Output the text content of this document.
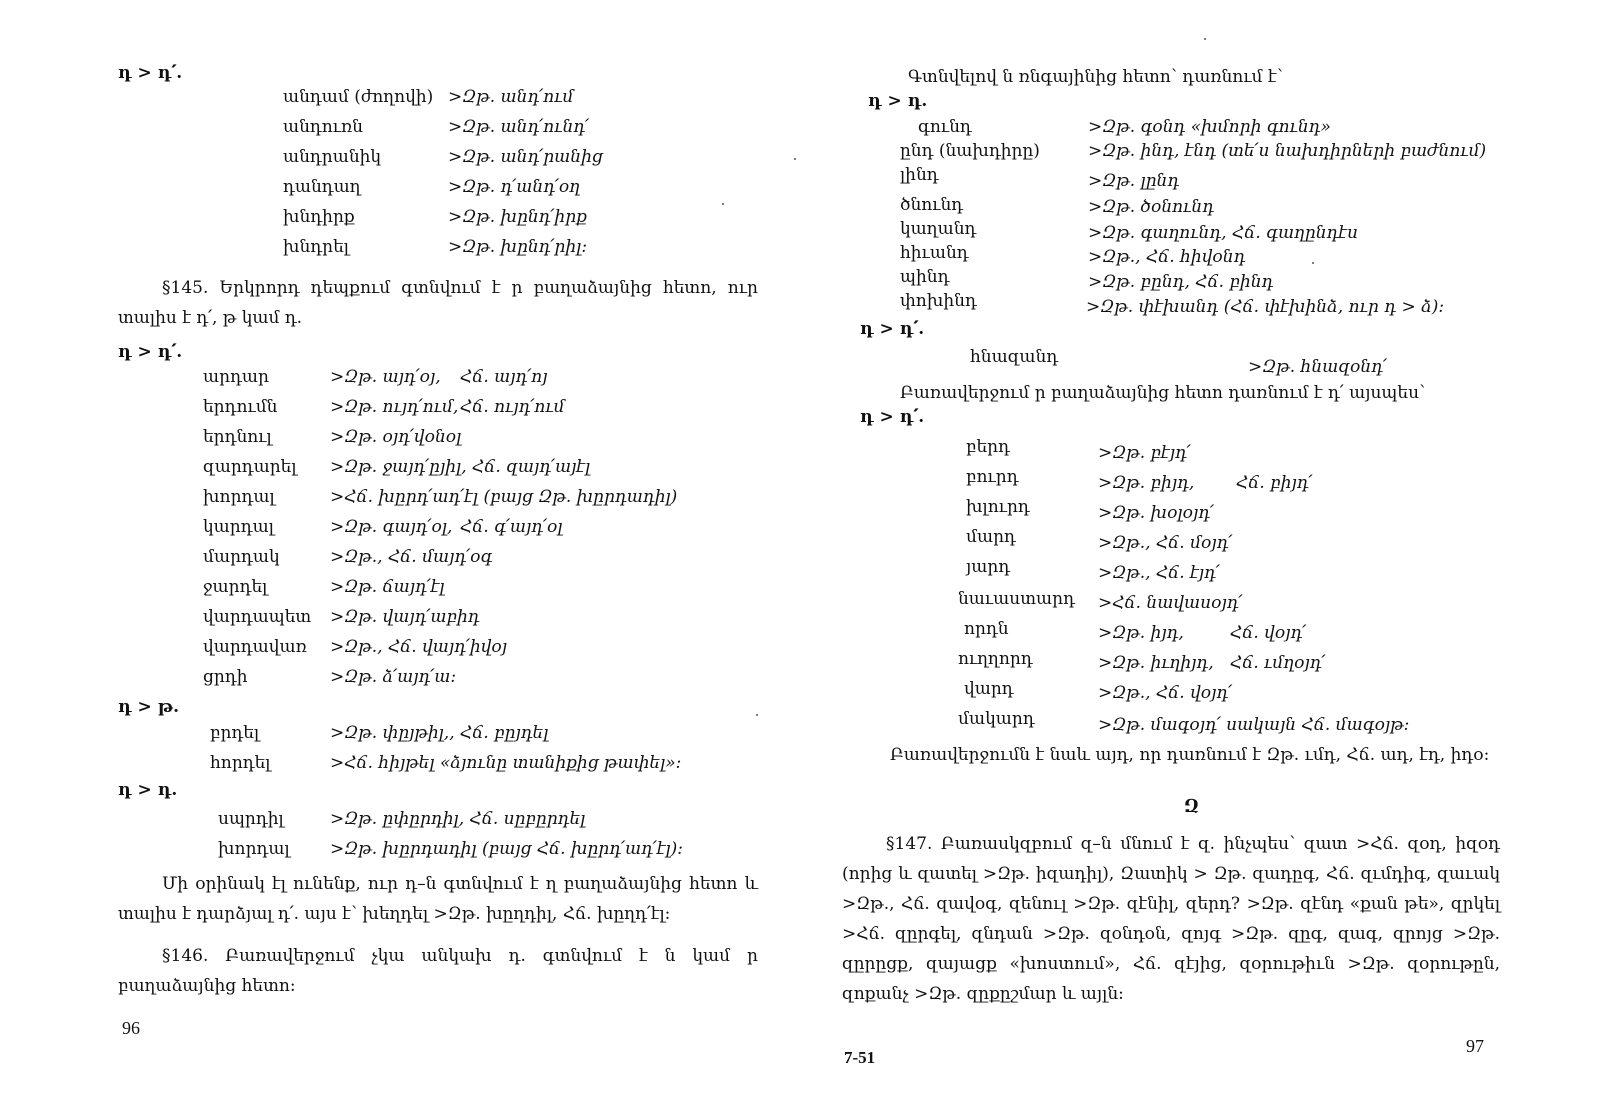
դ > դ՛.
անդամ (ժողովի) >Զթ. անդ՛ում
անդուռն	>Զթ. անդ՛ունդ՛
անդրանիկ	>Զթ. անդ՛րանից
դանդաղ	>Զթ. դ՛անդ՛օղ
խնդիրք	>Զթ. խընդ՛իրք
խնդրել	>Զթ. խընդ՛րիլ:
§145. Երկրորդ դեպքում գտնվում է ր բաղաձայնից հետո, ուր տալիս է դ՛, թ կամ դ.
դ > դ՛.
արդար	>Զթ. այդ՛օյ, Հճ. այդ՛ոյ
երդումն	>Զթ. ույդ՛ում, Հճ. ույդ՛ում
երդնուլ	>Զթ. օյդ՛վօնօլ
զարդարել >Զթ. ջայդ՛ըյիլ, Հճ. զայդ՛այէլ
խորդալ	>Հճ. խըրդ՛ադ՛էլ (բայց Զթ. խըրդադիլ)
կարդալ	>Զթ. գայդ՛օլ, Հճ. գ՛այդ՛օլ
մարդակ	>Զթ., Հճ. մայդ՛օգ
ջարդել	>Զթ. ճայդ՛էլ
վարդապետ >Զթ. վայդ՛աբիդ
վարդավառ >Զթ., Հճ. վայդ՛իվօյ
ցրդի	>Զթ. ձ՛այդ՛ա:
դ > թ.
բրդել	>Զթ. փըյթիլ,, Հճ. բըյդել
հորդել	>Հճ. հիյթել «ձյունը տանիքից թափել»:
դ > դ.
սպրդիլ	>Զթ. ըփըրդիլ, Հճ. սըբըրդել
խորդալ >Զթ. խըրդադիլ (բայց Հճ. խըրդ՛ադ՛էլ):
Մի օրինակ էլ ունենք, ուր դ–ն գտնվում է ղ բաղաձայնից հետո և տալիս է դարձյալ դ՛. այս է՝ խեղդել >Զթ. խըղդիլ, Հճ. խըղդ՛էլ:
§146. Բառավերջում չկա անկախ դ. գտնվում է ն կամ ր բաղաձայնից հետո:
96
Գտնվելով ն ռնգայինից հետո՝ դառնում է՝
դ > դ.
գունդ	>Զթ. գօնդ «խմորի գունդ»
ընդ (նախդիրը)	>Զթ. ինդ, էնդ (տե՛ս նախդիրների բաժնում)
լինդ	>Զթ. լընդ
ծնունդ	>Զթ. ծօնունդ
կաղանդ	>Զթ. գաղունդ, Հճ. գաղընդէս
հիւանդ	>Զթ., Հճ. հիվօնդ
պինդ	>Զթ. բընդ, Հճ. բինդ
փոխինդ	>Զթ. փէխանդ (Հճ. փէխինձ, ուր դ > ձ):
դ > դ՛.
հնազանդ	>Զթ. հնազօնդ՛
Բառավերջում ր բաղաձայնից հետո դառնում է դ՛ այսպես՝
դ > դ՛.
բերդ	>Զթ. բէյդ՛
բուրդ	>Զթ. բիյդ, Հճ. բիյդ՛
խլուրդ	>Զթ. խօլօյդ՛
մարդ	>Զթ., Հճ. մօյդ՛
յարդ	>Զթ., Հճ. էյդ՛
նաւաստարդ >Հճ. նավասօյդ՛
որդն	>Զթ. իյդ,	Հճ. վօյդ՛
ուղղորդ	>Զթ. իւղիյդ, Հճ. ւմղօյդ՛
վարդ	>Զթ., Հճ. վօյդ՛
մակարդ	>Զթ. մագօյդ՛ սակայն Հճ. մագօյթ:
Բառավերջումն է նաև այդ, որ դառնում է Զթ. ւմդ, Հճ. ադ, էդ, իդօ:
Զ
§147. Բառասկզբում զ–ն մնում է զ. ինչպես՝ զատ >Հճ. զօդ, իզօդ (որից և զատել >Զթ. իզադիլ), Զատիկ > Զթ. զադըգ, Հճ. զւմդիգ, զաւակ >Զթ., Հճ. զավօգ, զենուլ >Զթ. զէնիլ, զերդ? >Զթ. զէնդ «քան թե», զրկել >Հճ. զըրգել, զնդան >Զթ. զօնդօն, զոյգ >Զթ. զըգ, զագ, զրոյց >Զթ. զըրըցք, զայացք «խոստում», Հճ. զէյից, զօրութիւն >Զթ. զօրութըն, զոքանչ >Զթ. զըքըշմար և այլն:
7-51
97
